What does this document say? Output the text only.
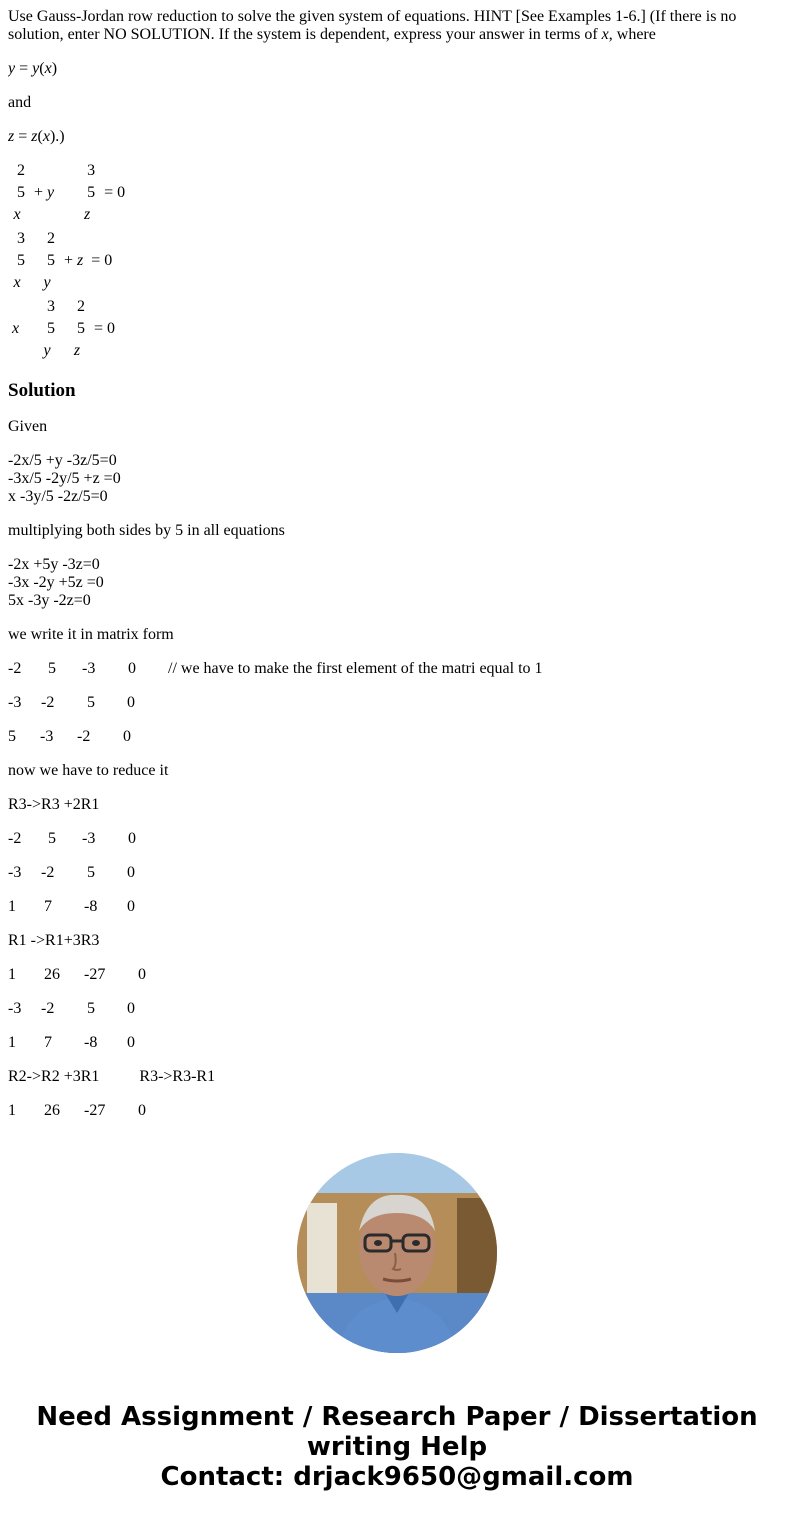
Use Gauss-Jordan row reduction to solve the given system of equations. HINT [See Examples 1-6.] (If there is no solution, enter NO SOLUTION. If the system is dependent, express your answer in terms of x, where

y = y(x)

and

z = z(x).)

2
5
x
+ y
3
5
z
= 0
3
5
x
2
5
y
+ z = 0
x
3
5
y
2
5
z
= 0
Solution

Given

-2x/5 +y -3z/5=0
-3x/5 -2y/5 +z =0
x -3y/5 -2z/5=0

multiplying both sides by 5 in all equations

-2x +5y -3z=0
-3x -2y +5z =0
5x -3y -2z=0

we write it in matrix form

-2 5 -3 0 // we have to make the first element of the matri equal to 1
-3 -2 5 0
5 -3 -2 0

now we have to reduce it

R3->R3 +2R1

-2 5 -3 0
-3 -2 5 0
1 7 -8 0

R1 ->R1+3R3

1 26 -27 0
-3 -2 5 0
1 7 -8 0

R2->R2 +3R1	R3->R3-R1

1 26 -27 0
Need Assignment / Research Paper / Dissertation
writing Help
Contact: drjack9650@gmail.com
